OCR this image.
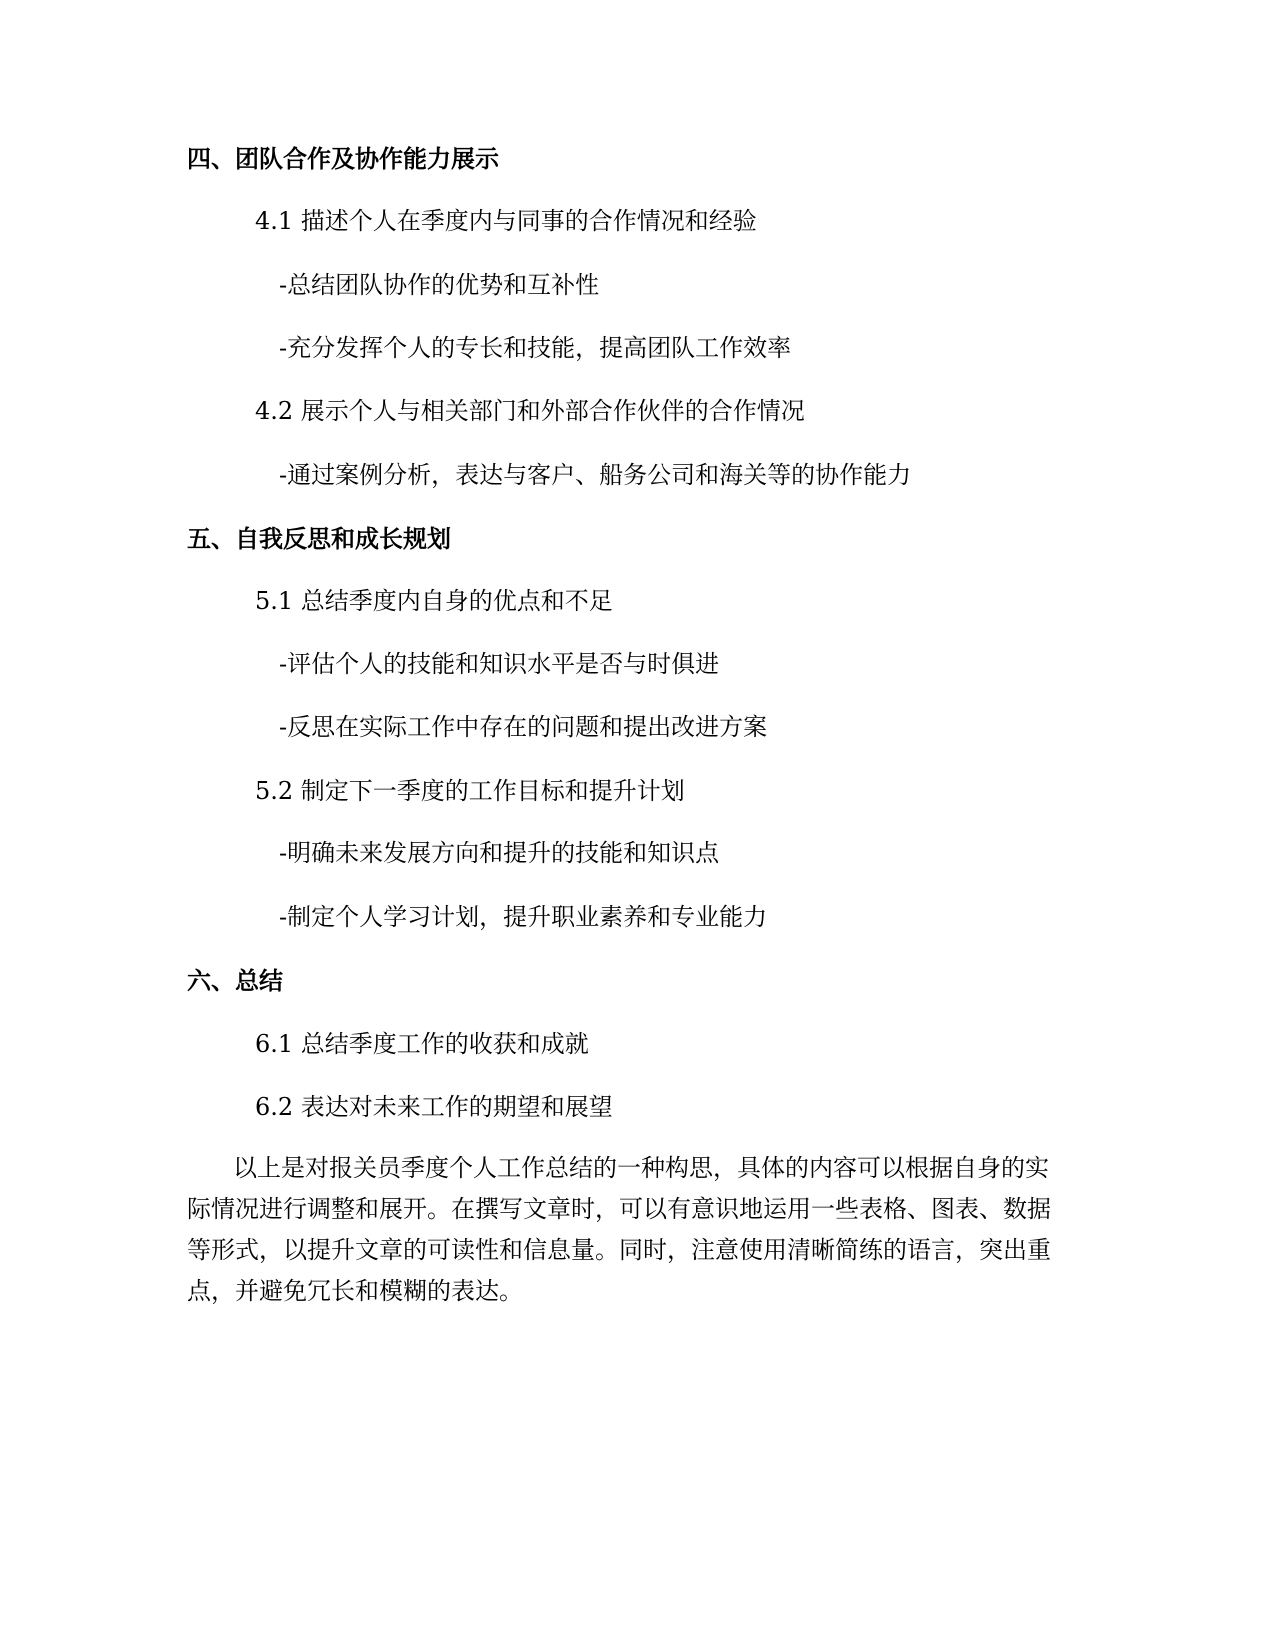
四、团队合作及协作能力展示
4.1 描述个人在季度内与同事的合作情况和经验
-总结团队协作的优势和互补性
-充分发挥个人的专长和技能，提高团队工作效率
4.2 展示个人与相关部门和外部合作伙伴的合作情况
-通过案例分析，表达与客户、船务公司和海关等的协作能力
五、自我反思和成长规划
5.1 总结季度内自身的优点和不足
-评估个人的技能和知识水平是否与时俱进
-反思在实际工作中存在的问题和提出改进方案
5.2 制定下一季度的工作目标和提升计划
-明确未来发展方向和提升的技能和知识点
-制定个人学习计划，提升职业素养和专业能力
六、总结
6.1 总结季度工作的收获和成就
6.2 表达对未来工作的期望和展望
以上是对报关员季度个人工作总结的一种构思，具体的内容可以根据自身的实
际情况进行调整和展开。在撰写文章时，可以有意识地运用一些表格、图表、数据
等形式，以提升文章的可读性和信息量。同时，注意使用清晰简练的语言，突出重
点，并避免冗长和模糊的表达。
